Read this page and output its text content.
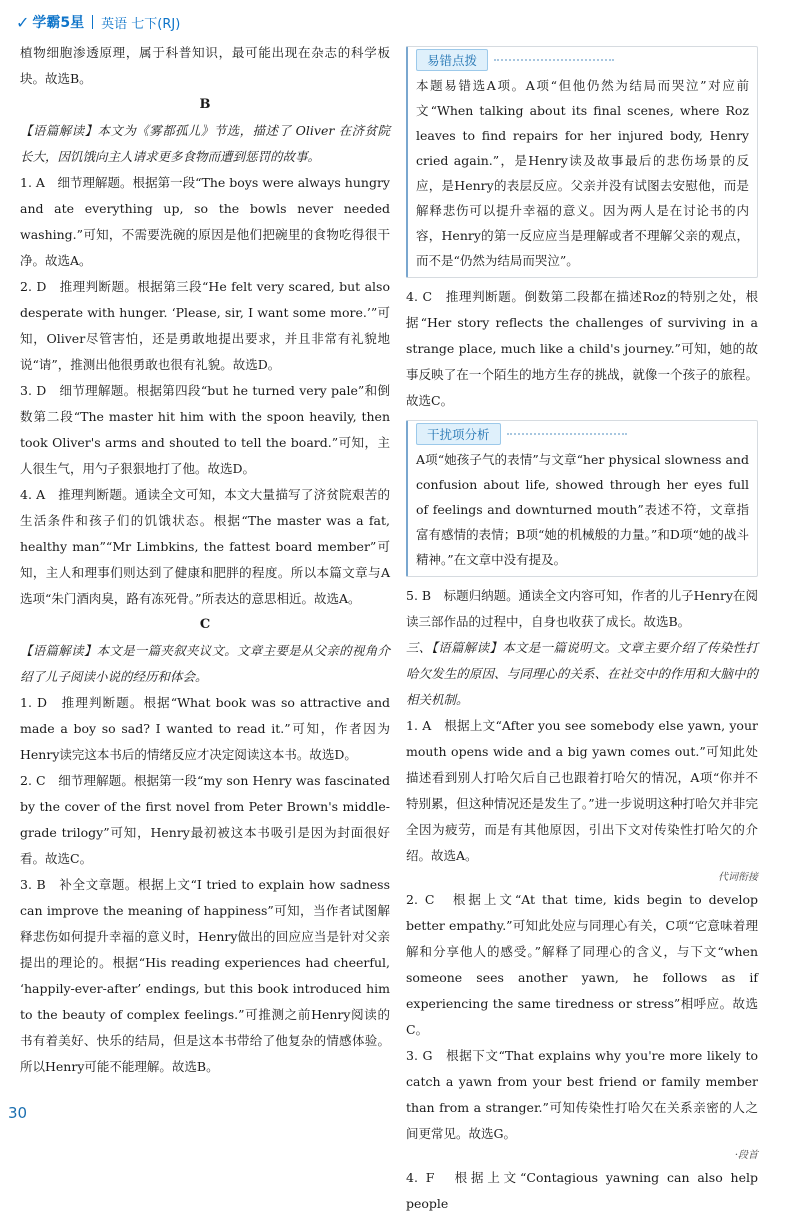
✓ 学霸5星 英语 七下(RJ)

植物细胞渗透原理，属于科普知识，最可能出现在杂志的科学板块。故选B。

B

【语篇解读】本文为《雾都孤儿》节选，描述了 Oliver 在济贫院长大，因饥饿向主人请求更多食物而遭到惩罚的故事。

1. A　细节理解题。根据第一段“The boys were always hungry and ate everything up, so the bowls never needed washing.”可知，不需要洗碗的原因是他们把碗里的食物吃得很干净。故选A。

2. D　推理判断题。根据第三段“He felt very scared, but also desperate with hunger. ‘Please, sir, I want some more.’”可知，Oliver尽管害怕，还是勇敢地提出要求，并且非常有礼貌地说“请”，推测出他很勇敢也很有礼貌。故选D。

3. D　细节理解题。根据第四段“but he turned very pale”和倒数第二段“The master hit him with the spoon heavily, then took Oliver's arms and shouted to tell the board.”可知，主人很生气，用勺子狠狠地打了他。故选D。

4. A　推理判断题。通读全文可知，本文大量描写了济贫院艰苦的生活条件和孩子们的饥饿状态。根据“The master was a fat, healthy man”“Mr Limbkins, the fattest board member”可知，主人和理事们则达到了健康和肥胖的程度。所以本篇文章与A选项“朱门酒肉臭，路有冻死骨。”所表达的意思相近。故选A。

C

【语篇解读】本文是一篇夹叙夹议文。文章主要是从父亲的视角介绍了儿子阅读小说的经历和体会。

1. D　推理判断题。根据“What book was so attractive and made a boy so sad? I wanted to read it.”可知，作者因为Henry读完这本书后的情绪反应才决定阅读这本书。故选D。

2. C　细节理解题。根据第一段“my son Henry was fascinated by the cover of the first novel from Peter Brown's middle-grade trilogy”可知，Henry最初被这本书吸引是因为封面很好看。故选C。

3. B　补全文章题。根据上文“I tried to explain how sadness can improve the meaning of happiness”可知，当作者试图解释悲伤如何提升幸福的意义时，Henry做出的回应应当是针对父亲提出的理论的。根据“His reading experiences had cheerful, ‘happily-ever-after’ endings, but this book introduced him to the beauty of complex feelings.”可推测之前Henry阅读的书有着美好、快乐的结局，但是这本书带给了他复杂的情感体验。所以Henry可能不能理解。故选B。

易错点拨

本题易错选A项。A项“但他仍然为结局而哭泣”对应前文“When talking about its final scenes, where Roz leaves to find repairs for her injured body, Henry cried again.”，是Henry读及故事最后的悲伤场景的反应，是Henry的表层反应。父亲并没有试图去安慰他，而是解释悲伤可以提升幸福的意义。因为两人是在讨论书的内容，Henry的第一反应应当是理解或者不理解父亲的观点，而不是“仍然为结局而哭泣”。

4. C　推理判断题。倒数第二段都在描述Roz的特别之处，根据“Her story reflects the challenges of surviving in a strange place, much like a child's journey.”可知，她的故事反映了在一个陌生的地方生存的挑战，就像一个孩子的旅程。故选C。

干扰项分析

A项“她孩子气的表情”与文章“her physical slowness and confusion about life, showed through her eyes full of feelings and downturned mouth”表述不符，文章指富有感情的表情；B项“她的机械般的力量。”和D项“她的战斗精神。”在文章中没有提及。

5. B　标题归纳题。通读全文内容可知，作者的儿子Henry在阅读三部作品的过程中，自身也收获了成长。故选B。

三、【语篇解读】本文是一篇说明文。文章主要介绍了传染性打哈欠发生的原因、与同理心的关系、在社交中的作用和大脑中的相关机制。

1. A　根据上文“After you see somebody else yawn, your mouth opens wide and a big yawn comes out.”可知此处描述看到别人打哈欠后自己也跟着打哈欠的情况，A项“你并不特别累，但这种情况还是发生了。”进一步说明这种打哈欠并非完全因为疲劳，而是有其他原因，引出下文对传染性打哈欠的介绍。故选A。

代词衔接

2. C　根据上文“At that time, kids begin to develop better empathy.”可知此处应与同理心有关，C项“它意味着理解和分享他人的感受。”解释了同理心的含义，与下文“when someone sees another yawn, he follows as if experiencing the same tiredness or stress”相呼应。故选C。

3. G　根据下文“That explains why you're more likely to catch a yawn from your best friend or family member than from a stranger.”可知传染性打哈欠在关系亲密的人之间更常见。故选G。

·段首

4. F　根据上文“Contagious yawning can also help people

30
